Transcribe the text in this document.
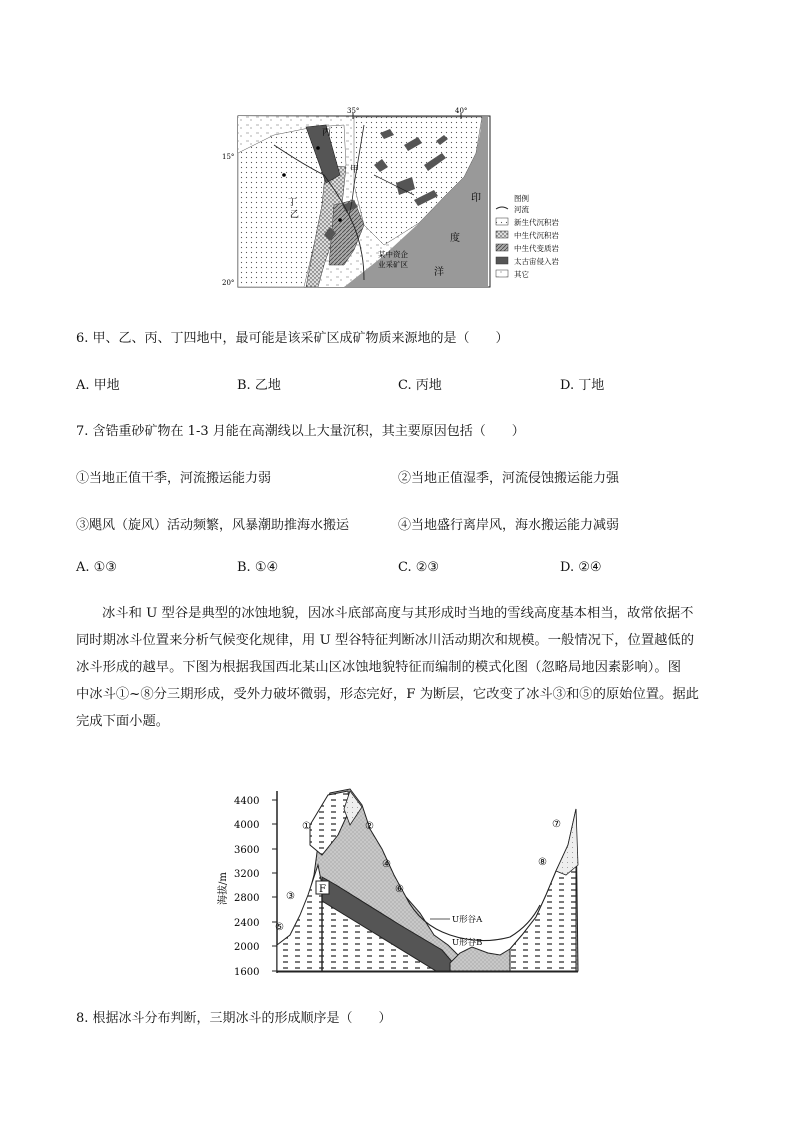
35°	40°
15°
20°
丙
甲
乙
丁	印
度
洋
某中资企
业采矿区
图例
河流
新生代沉积岩
中生代沉积岩
中生代变质岩
太古宙侵入岩
其它
6. 甲、乙、丙、丁四地中，最可能是该采矿区成矿物质来源地的是（　　）
A. 甲地	B. 乙地	C. 丙地	D. 丁地
7. 含锆重砂矿物在 1-3 月能在高潮线以上大量沉积，其主要原因包括（　　）
①当地正值干季，河流搬运能力弱	②当地正值湿季，河流侵蚀搬运能力强
③飓风（旋风）活动频繁，风暴潮助推海水搬运	④当地盛行离岸风，海水搬运能力减弱
A. ①③	B. ①④	C. ②③	D. ②④

冰斗和 U 型谷是典型的冰蚀地貌，因冰斗底部高度与其形成时当地的雪线高度基本相当，故常依据不

同时期冰斗位置来分析气候变化规律，用 U 型谷特征判断冰川活动期次和规模。一般情况下，位置越低的

冰斗形成的越早。下图为根据我国西北某山区冰蚀地貌特征而编制的模式化图（忽略局地因素影响）。图

中冰斗①~⑧分三期形成，受外力破坏微弱，形态完好，F 为断层，它改变了冰斗③和⑤的原始位置。据此

完成下面小题。

海拔/m
4400
4000
3600
3200
2800
2400
2000
1600
F
U形谷A
U形谷B
①	②
③
④
⑤
⑥
⑦
⑧
8. 根据冰斗分布判断，三期冰斗的形成顺序是（　　）
